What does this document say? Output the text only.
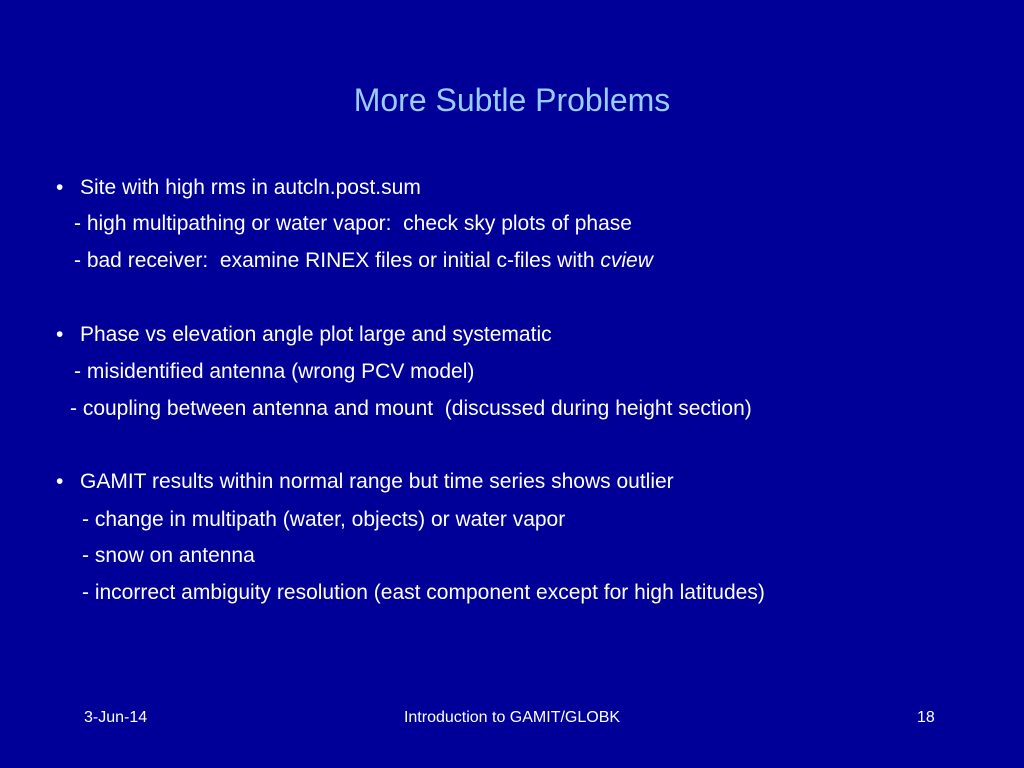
More Subtle Problems
• Site with high rms in autcln.post.sum
- high multipathing or water vapor:  check sky plots of phase
- bad receiver:  examine RINEX files or initial c-files with cview
• Phase vs elevation angle plot large and systematic
- misidentified antenna (wrong PCV model)
- coupling between antenna and mount  (discussed during height section)
• GAMIT results within normal range but time series shows outlier
- change in multipath (water, objects) or water vapor
- snow on antenna
- incorrect ambiguity resolution (east component except for high latitudes)
3-Jun-14	Introduction to GAMIT/GLOBK	18
